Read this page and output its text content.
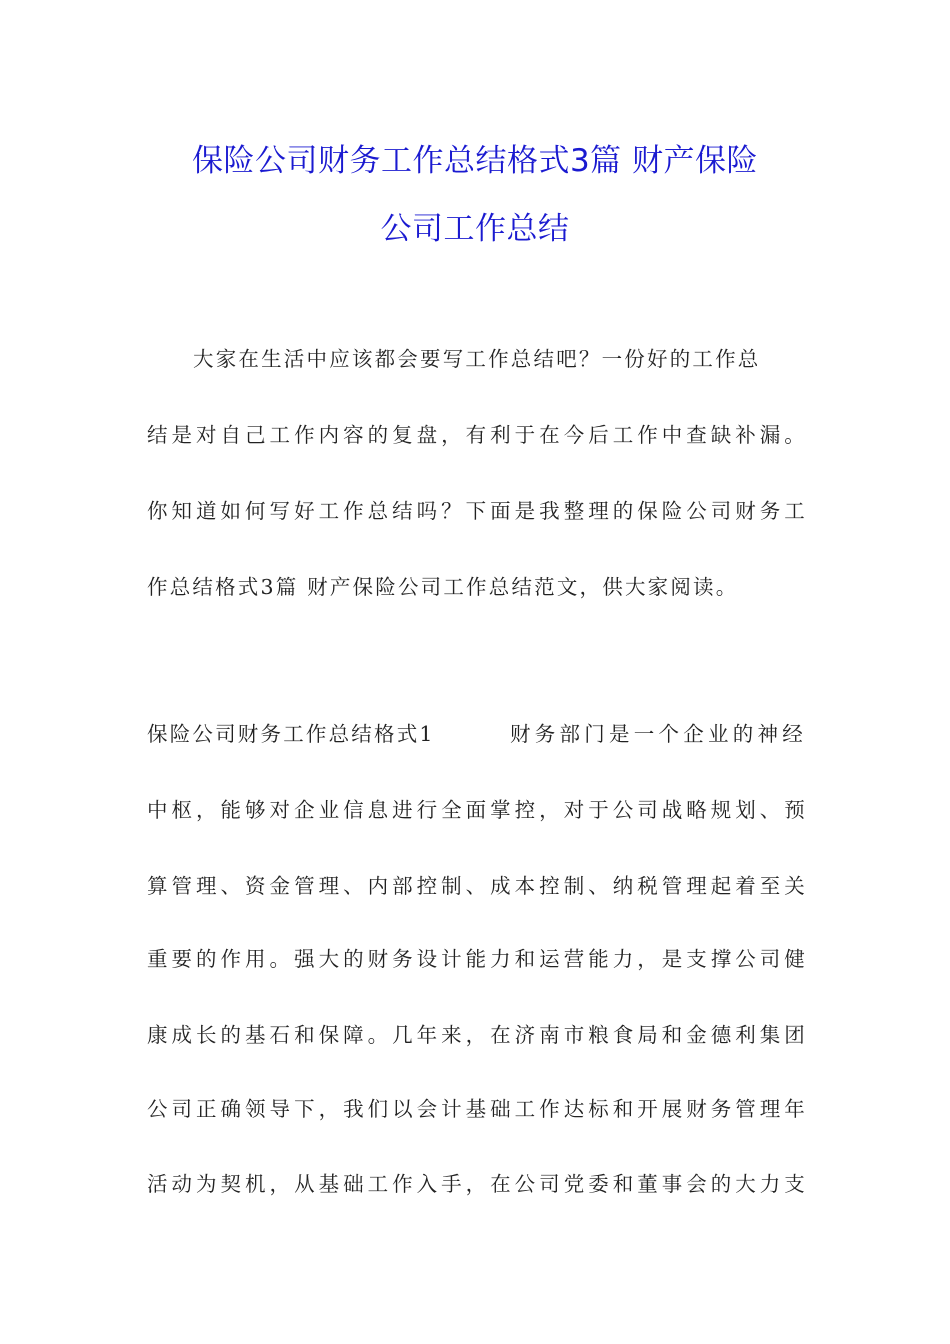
保险公司财务工作总结格式3篇 财产保险
公司工作总结
大家在生活中应该都会要写工作总结吧？一份好的工作总
结是对自己工作内容的复盘，有利于在今后工作中查缺补漏。
你知道如何写好工作总结吗？下面是我整理的保险公司财务工
作总结格式3篇 财产保险公司工作总结范文，供大家阅读。
保险公司财务工作总结格式1	财务部门是一个企业的神经
中枢，能够对企业信息进行全面掌控，对于公司战略规划、预
算管理、资金管理、内部控制、成本控制、纳税管理起着至关
重要的作用。强大的财务设计能力和运营能力，是支撑公司健
康成长的基石和保障。几年来，在济南市粮食局和金德利集团
公司正确领导下，我们以会计基础工作达标和开展财务管理年
活动为契机，从基础工作入手，在公司党委和董事会的大力支
